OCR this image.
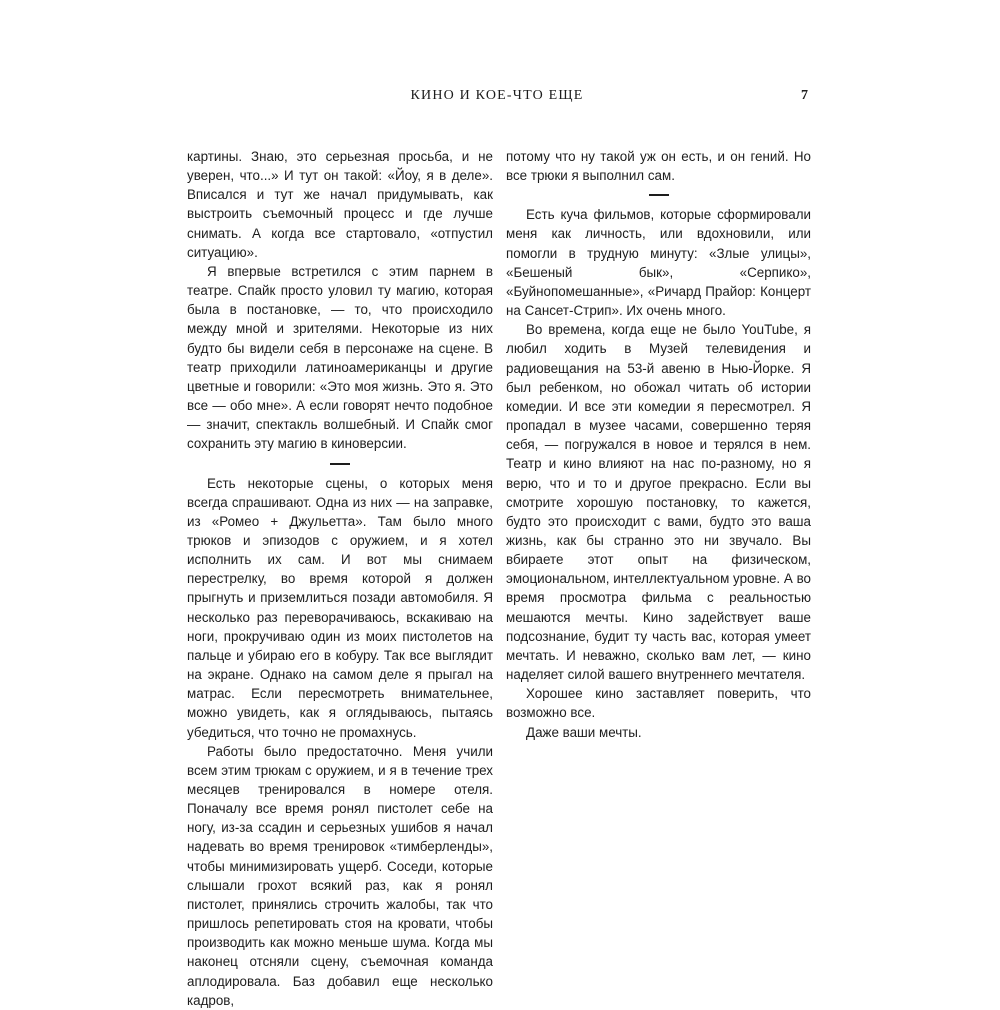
КИНО И КОЕ-ЧТО ЕЩЕ	7

картины. Знаю, это серьезная просьба, и не уверен, что...» И тут он такой: «Йоу, я в деле». Вписался и тут же начал придумывать, как выстроить съемочный процесс и где лучше снимать. А когда все стартовало, «отпустил ситуацию».

Я впервые встретился с этим парнем в театре. Спайк просто уловил ту магию, которая была в постановке, — то, что происходило между мной и зрителями. Некоторые из них будто бы видели себя в персонаже на сцене. В театр приходили латиноамериканцы и другие цветные и говорили: «Это моя жизнь. Это я. Это все — обо мне». А если говорят нечто подобное — значит, спектакль волшебный. И Спайк смог сохранить эту магию в киноверсии.

Есть некоторые сцены, о которых меня всегда спрашивают. Одна из них — на заправке, из «Ромео + Джульетта». Там было много трюков и эпизодов с оружием, и я хотел исполнить их сам. И вот мы снимаем перестрелку, во время которой я должен прыгнуть и приземлиться позади автомобиля. Я несколько раз переворачиваюсь, вскакиваю на ноги, прокручиваю один из моих пистолетов на пальце и убираю его в кобуру. Так все выглядит на экране. Однако на самом деле я прыгал на матрас. Если пересмотреть внимательнее, можно увидеть, как я оглядываюсь, пытаясь убедиться, что точно не промахнусь.

Работы было предостаточно. Меня учили всем этим трюкам с оружием, и я в течение трех месяцев тренировался в номере отеля. Поначалу все время ронял пистолет себе на ногу, из-за ссадин и серьезных ушибов я начал надевать во время тренировок «тимберленды», чтобы минимизировать ущерб. Соседи, которые слышали грохот всякий раз, как я ронял пистолет, принялись строчить жалобы, так что пришлось репетировать стоя на кровати, чтобы производить как можно меньше шума. Когда мы наконец отсняли сцену, съемочная команда аплодировала. Баз добавил еще несколько кадров,

потому что ну такой уж он есть, и он гений. Но все трюки я выполнил сам.

Есть куча фильмов, которые сформировали меня как личность, или вдохновили, или помогли в трудную минуту: «Злые улицы», «Бешеный бык», «Серпико», «Буйнопомешанные», «Ричард Прайор: Концерт на Сансет-Стрип». Их очень много.

Во времена, когда еще не было YouTube, я любил ходить в Музей телевидения и радиовещания на 53-й авеню в Нью-Йорке. Я был ребенком, но обожал читать об истории комедии. И все эти комедии я пересмотрел. Я пропадал в музее часами, совершенно теряя себя, — погружался в новое и терялся в нем. Театр и кино влияют на нас по-разному, но я верю, что и то и другое прекрасно. Если вы смотрите хорошую постановку, то кажется, будто это происходит с вами, будто это ваша жизнь, как бы странно это ни звучало. Вы вбираете этот опыт на физическом, эмоциональном, интеллектуальном уровне. А во время просмотра фильма с реальностью мешаются мечты. Кино задействует ваше подсознание, будит ту часть вас, которая умеет мечтать. И неважно, сколько вам лет, — кино наделяет силой вашего внутреннего мечтателя.

Хорошее кино заставляет поверить, что возможно все.

Даже ваши мечты.
